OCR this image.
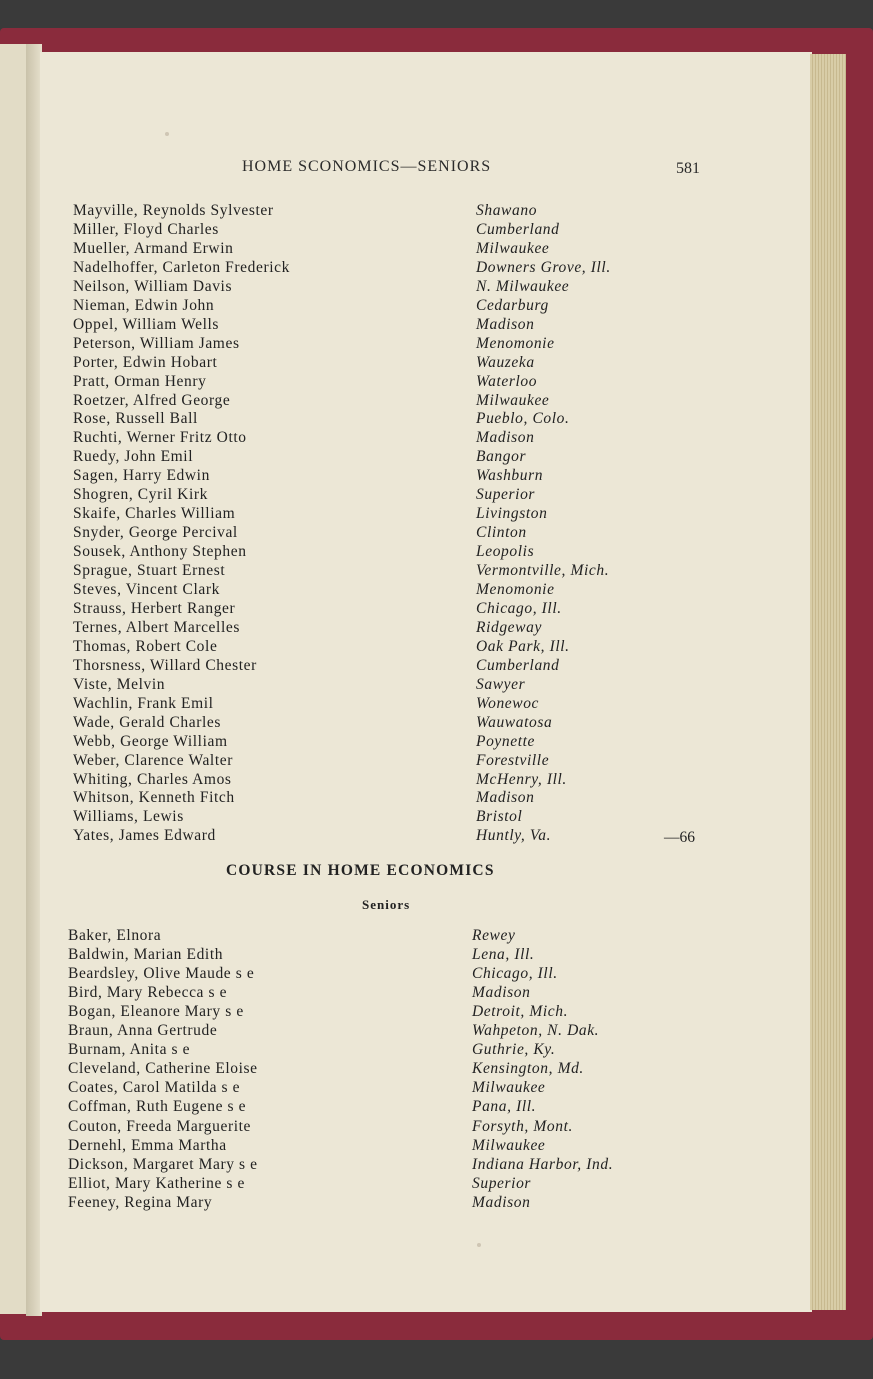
HOME SCONOMICS—SENIORS	581
Mayville, Reynolds Sylvester	Shawano
Miller, Floyd Charles	Cumberland
Mueller, Armand Erwin	Milwaukee
Nadelhoffer, Carleton Frederick	Downers Grove, Ill.
Neilson, William Davis	N. Milwaukee
Nieman, Edwin John	Cedarburg
Oppel, William Wells	Madison
Peterson, William James	Menomonie
Porter, Edwin Hobart	Wauzeka
Pratt, Orman Henry	Waterloo
Roetzer, Alfred George	Milwaukee
Rose, Russell Ball	Pueblo, Colo.
Ruchti, Werner Fritz Otto	Madison
Ruedy, John Emil	Bangor
Sagen, Harry Edwin	Washburn
Shogren, Cyril Kirk	Superior
Skaife, Charles William	Livingston
Snyder, George Percival	Clinton
Sousek, Anthony Stephen	Leopolis
Sprague, Stuart Ernest	Vermontville, Mich.
Steves, Vincent Clark	Menomonie
Strauss, Herbert Ranger	Chicago, Ill.
Ternes, Albert Marcelles	Ridgeway
Thomas, Robert Cole	Oak Park, Ill.
Thorsness, Willard Chester	Cumberland
Viste, Melvin	Sawyer
Wachlin, Frank Emil	Wonewoc
Wade, Gerald Charles	Wauwatosa
Webb, George William	Poynette
Weber, Clarence Walter	Forestville
Whiting, Charles Amos	McHenry, Ill.
Whitson, Kenneth Fitch	Madison
Williams, Lewis	Bristol
Yates, James Edward	Huntly, Va.	—66
COURSE IN HOME ECONOMICS
Seniors
Baker, Elnora	Rewey
Baldwin, Marian Edith	Lena, Ill.
Beardsley, Olive Maude s e	Chicago, Ill.
Bird, Mary Rebecca s e	Madison
Bogan, Eleanore Mary s e	Detroit, Mich.
Braun, Anna Gertrude	Wahpeton, N. Dak.
Burnam, Anita s e	Guthrie, Ky.
Cleveland, Catherine Eloise	Kensington, Md.
Coates, Carol Matilda s e	Milwaukee
Coffman, Ruth Eugene s e	Pana, Ill.
Couton, Freeda Marguerite	Forsyth, Mont.
Dernehl, Emma Martha	Milwaukee
Dickson, Margaret Mary s e	Indiana Harbor, Ind.
Elliot, Mary Katherine s e	Superior
Feeney, Regina Mary	Madison
